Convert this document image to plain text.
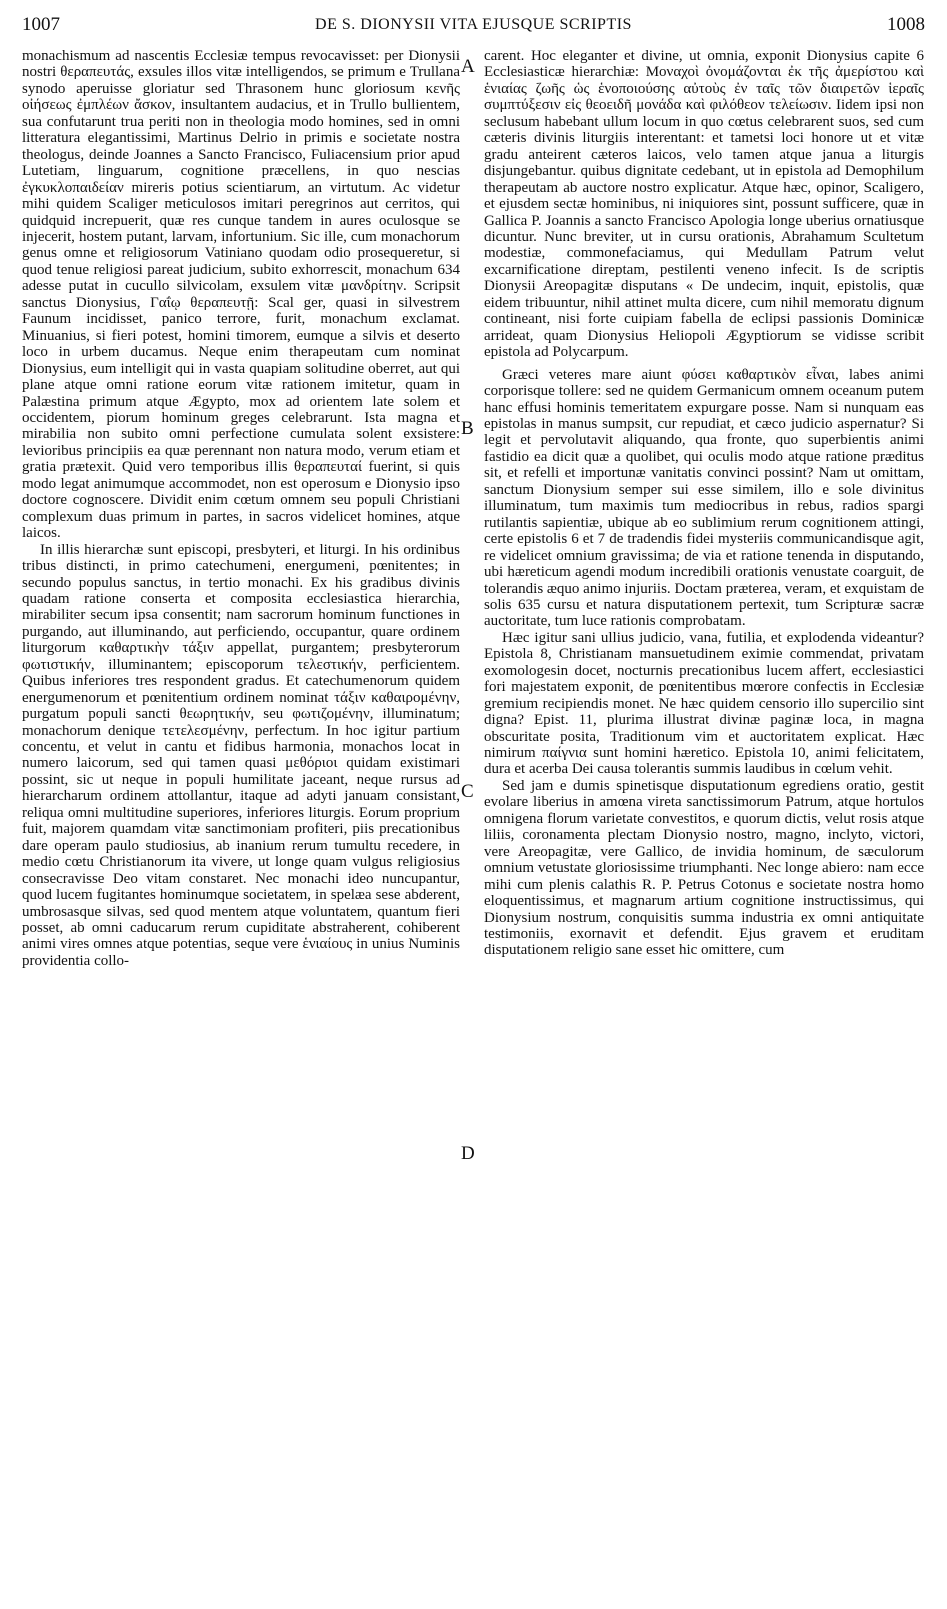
1007	DE S. DIONYSII VITA EJUSQUE SCRIPTIS	1008

monachismum ad nascentis Ecclesiæ tempus revocavisset: per Dionysii nostri θεραπευτάς, exsules illos vitæ intelligendos, se primum e Trullana synodo aperuisse gloriatur sed Thrasonem hunc gloriosum κενῆς οἰήσεως ἐμπλέων ἄσκον, insultantem audacius, et in Trullo bullientem, sua confutarunt trua periti non in theologia modo homines, sed in omni litteratura elegantissimi, Martinus Delrio in primis e societate nostra theologus, deinde Joannes a Sancto Francisco, Fuliacensium prior apud Lutetiam, linguarum, cognitione præcellens, in quo nescias ἐγκυκλοπαιδείαν mireris potius scientiarum, an virtutum. Ac videtur mihi quidem Scaliger meticulosos imitari peregrinos aut cerritos, qui quidquid increpuerit, quæ res cunque tandem in aures oculosque se injecerit, hostem putant, larvam, infortunium. Sic ille, cum monachorum genus omne et religiosorum Vatiniano quodam odio prosequeretur, si quod tenue religiosi pareat judicium, subito exhorrescit, monachum 634 adesse putat in cucullo silvicolam, exsulem vitæ μανδρίτην. Scripsit sanctus Dionysius, Γαΐῳ θεραπευτῇ: Scal ger, quasi in silvestrem Faunum incidisset, panico terrore, furit, monachum exclamat. Minuanius, si fieri potest, homini timorem, eumque a silvis et deserto loco in urbem ducamus. Neque enim therapeutam cum nominat Dionysius, eum intelligit qui in vasta quapiam solitudine oberret, aut qui plane atque omni ratione eorum vitæ rationem imitetur, quam in Palæstina primum atque Ægypto, mox ad orientem late solem et occidentem, piorum hominum greges celebrarunt. Ista magna et mirabilia non subito omni perfectione cumulata solent exsistere: levioribus principiis ea quæ perennant non natura modo, verum etiam et gratia prætexit. Quid vero temporibus illis θεραπευταί fuerint, si quis modo legat animumque accommodet, non est operosum e Dionysio ipso doctore cognoscere. Dividit enim cœtum omnem seu populi Christiani complexum duas primum in partes, in sacros videlicet homines, atque laicos.

In illis hierarchæ sunt episcopi, presbyteri, et liturgi. In his ordinibus tribus distincti, in primo catechumeni, energumeni, pœnitentes; in secundo populus sanctus, in tertio monachi. Ex his gradibus divinis quadam ratione conserta et composita ecclesiastica hierarchia, mirabiliter secum ipsa consentit; nam sacrorum hominum functiones in purgando, aut illuminando, aut perficiendo, occupantur, quare ordinem liturgorum καθαρτικὴν τάξιν appellat, purgantem; presbyterorum φωτιστικήν, illuminantem; episcoporum τελεστικήν, perficientem. Quibus inferiores tres respondent gradus. Et catechumenorum quidem energumenorum et pœnitentium ordinem nominat τάξιν καθαιρομένην, purgatum populi sancti θεωρητικήν, seu φωτιζομένην, illuminatum; monachorum denique τετελεσμένην, perfectum. In hoc igitur partium concentu, et velut in cantu et fidibus harmonia, monachos locat in numero laicorum, sed qui tamen quasi μεθόριοι quidam existimari possint, sic ut neque in populi humilitate jaceant, neque rursus ad hierarcharum ordinem attollantur, itaque ad adyti januam consistant, reliqua omni multitudine superiores, inferiores liturgis. Eorum proprium fuit, majorem quamdam vitæ sanctimoniam profiteri, piis precationibus dare operam paulo studiosius, ab inanium rerum tumultu recedere, in medio cœtu Christianorum ita vivere, ut longe quam vulgus religiosius consecravisse Deo vitam constaret. Nec monachi ideo nuncupantur, quod lucem fugitantes hominumque societatem, in spelæa sese abderent, umbrosasque silvas, sed quod mentem atque voluntatem, quantum fieri posset, ab omni caducarum rerum cupiditate abstraherent, cohiberent animi vires omnes atque potentias, seque vere ἑνιαίους in unius Numinis providentia collo-

A
B
C
D

carent. Hoc eleganter et divine, ut omnia, exponit Dionysius capite 6 Ecclesiasticæ hierarchiæ: Μοναχοὶ ὀνομάζονται ἐκ τῆς ἀμερίστου καὶ ἑνιαίας ζωῆς ὡς ἑνοποιούσης αὐτοὺς ἐν ταῖς τῶν διαιρετῶν ἱεραῖς συμπτύξεσιν εἰς θεοειδῆ μονάδα καὶ φιλόθεον τελείωσιν. Iidem ipsi non seclusum habebant ullum locum in quo cœtus celebrarent suos, sed cum cæteris divinis liturgiis interentant: et tametsi loci honore ut et vitæ gradu anteirent cæteros laicos, velo tamen atque janua a liturgis disjungebantur. quibus dignitate cedebant, ut in epistola ad Demophilum therapeutam ab auctore nostro explicatur. Atque hæc, opinor, Scaligero, et ejusdem sectæ hominibus, ni iniquiores sint, possunt sufficere, quæ in Gallica P. Joannis a sancto Francisco Apologia longe uberius ornatiusque dicuntur. Nunc breviter, ut in cursu orationis, Abrahamum Scultetum modestiæ, commonefaciamus, qui Medullam Patrum velut excarnificatione direptam, pestilenti veneno infecit. Is de scriptis Dionysii Areopagitæ disputans « De undecim, inquit, epistolis, quæ eidem tribuuntur, nihil attinet multa dicere, cum nihil memoratu dignum contineant, nisi forte cuipiam fabella de eclipsi passionis Dominicæ arrideat, quam Dionysius Heliopoli Ægyptiorum se vidisse scribit epistola ad Polycarpum.

Græci veteres mare aiunt φύσει καθαρτικὸν εἶναι, labes animi corporisque tollere: sed ne quidem Germanicum omnem oceanum putem hanc effusi hominis temeritatem expurgare posse. Nam si nunquam eas epistolas in manus sumpsit, cur repudiat, et cæco judicio aspernatur? Si legit et pervolutavit aliquando, qua fronte, quo superbientis animi fastidio ea dicit quæ a quolibet, qui oculis modo atque ratione præditus sit, et refelli et importunæ vanitatis convinci possint? Nam ut omittam, sanctum Dionysium semper sui esse similem, illo e sole divinitus illuminatum, tum maximis tum mediocribus in rebus, radios spargi rutilantis sapientiæ, ubique ab eo sublimium rerum cognitionem attingi, certe epistolis 6 et 7 de tradendis fidei mysteriis communicandisque agit, re videlicet omnium gravissima; de via et ratione tenenda in disputando, ubi hæreticum agendi modum incredibili orationis venustate coarguit, de tolerandis æquo animo injuriis. Doctam præterea, veram, et exquistam de solis 635 cursu et natura disputationem pertexit, tum Scripturæ sacræ auctoritate, tum luce rationis comprobatam.

Hæc igitur sani ullius judicio, vana, futilia, et explodenda videantur? Epistola 8, Christianam mansuetudinem eximie commendat, privatam exomologesin docet, nocturnis precationibus lucem affert, ecclesiastici fori majestatem exponit, de pœnitentibus mœrore confectis in Ecclesiæ gremium recipiendis monet. Ne hæc quidem censorio illo supercilio sint digna? Epist. 11, plurima illustrat divinæ paginæ loca, in magna obscuritate posita, Traditionum vim et auctoritatem explicat. Hæc nimirum παίγνια sunt homini hæretico. Epistola 10, animi felicitatem, dura et acerba Dei causa tolerantis summis laudibus in cœlum vehit.

Sed jam e dumis spinetisque disputationum egrediens oratio, gestit evolare liberius in amœna vireta sanctissimorum Patrum, atque hortulos omnigena florum varietate convestitos, e quorum dictis, velut rosis atque liliis, coronamenta plectam Dionysio nostro, magno, inclyto, victori, vere Areopagitæ, vere Gallico, de invidia hominum, de sæculorum omnium vetustate gloriosissime triumphanti. Nec longe abiero: nam ecce mihi cum plenis calathis R. P. Petrus Cotonus e societate nostra homo eloquentissimus, et magnarum artium cognitione instructissimus, qui Dionysium nostrum, conquisitis summa industria ex omni antiquitate testimoniis, exornavit et defendit. Ejus gravem et eruditam disputationem religio sane esset hic omittere, cum
